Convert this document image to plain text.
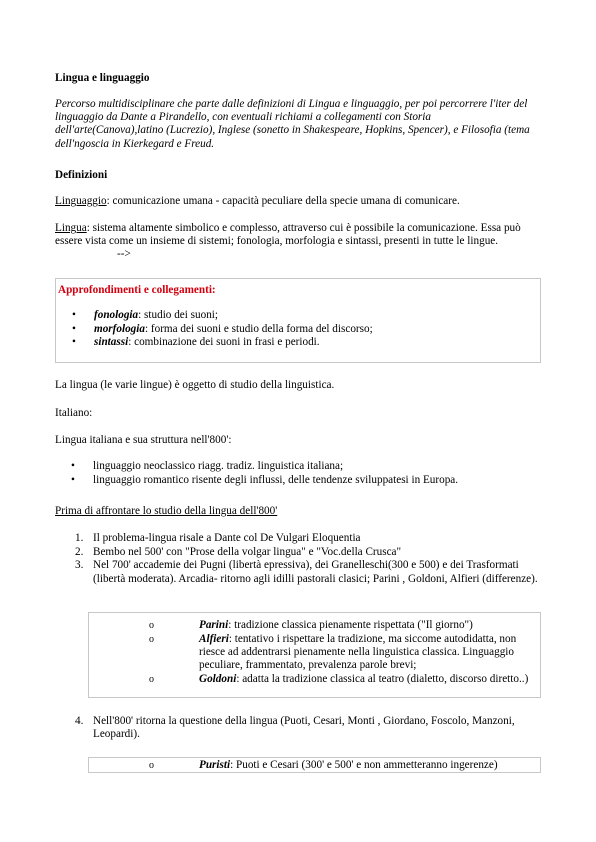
Lingua e linguaggio
Percorso multidisciplinare che parte dalle definizioni di Lingua e linguaggio, per poi percorrere l'iter del linguaggio da Dante a Pirandello, con eventuali richiami a collegamenti con Storia dell'arte(Canova),latino (Lucrezio), Inglese (sonetto in Shakespeare, Hopkins, Spencer), e Filosofia (tema dell'ngoscia in Kierkegard e Freud.
Definizioni
Linguaggio: comunicazione umana - capacità peculiare della specie umana di comunicare.
Lingua: sistema altamente simbolico e complesso, attraverso cui è possibile la comunicazione. Essa può essere vista come un insieme di sistemi; fonologia, morfologia e sintassi, presenti in tutte le lingue.-->
Approfondimenti e collegamenti:
• fonologia: studio dei suoni;
• morfologia: forma dei suoni e studio della forma del discorso;
• sintassi: combinazione dei suoni in frasi e periodi.
La lingua (le varie lingue) è oggetto di studio della linguistica.
Italiano:
Lingua italiana e sua struttura nell'800':
• linguaggio neoclassico riagg. tradiz. linguistica italiana;
• linguaggio romantico risente degli influssi, delle tendenze sviluppatesi in Europa.
Prima di affrontare lo studio della lingua dell'800'
1. Il problema-lingua risale a Dante col De Vulgari Eloquentia
2. Bembo nel 500' con "Prose della volgar lingua" e "Voc.della Crusca"
3. Nel 700' accademie dei Pugni (libertà epressiva), dei Granelleschi(300 e 500) e dei Trasformati (libertà moderata). Arcadia- ritorno agli idilli pastorali clasici; Parini , Goldoni, Alfieri (differenze).
o	Parini: tradizione classica pienamente rispettata ("Il giorno")
o	Alfieri: tentativo i rispettare la tradizione, ma siccome autodidatta, non riesce ad addentrarsi pienamente nella linguistica classica. Linguaggio peculiare, frammentato, prevalenza parole brevi;
o	Goldoni: adatta la tradizione classica al teatro (dialetto, discorso diretto..)
4. Nell'800' ritorna la questione della lingua (Puoti, Cesari, Monti , Giordano, Foscolo, Manzoni, Leopardi).
o	Puristi: Puoti e Cesari (300' e 500' e non ammetteranno ingerenze)
